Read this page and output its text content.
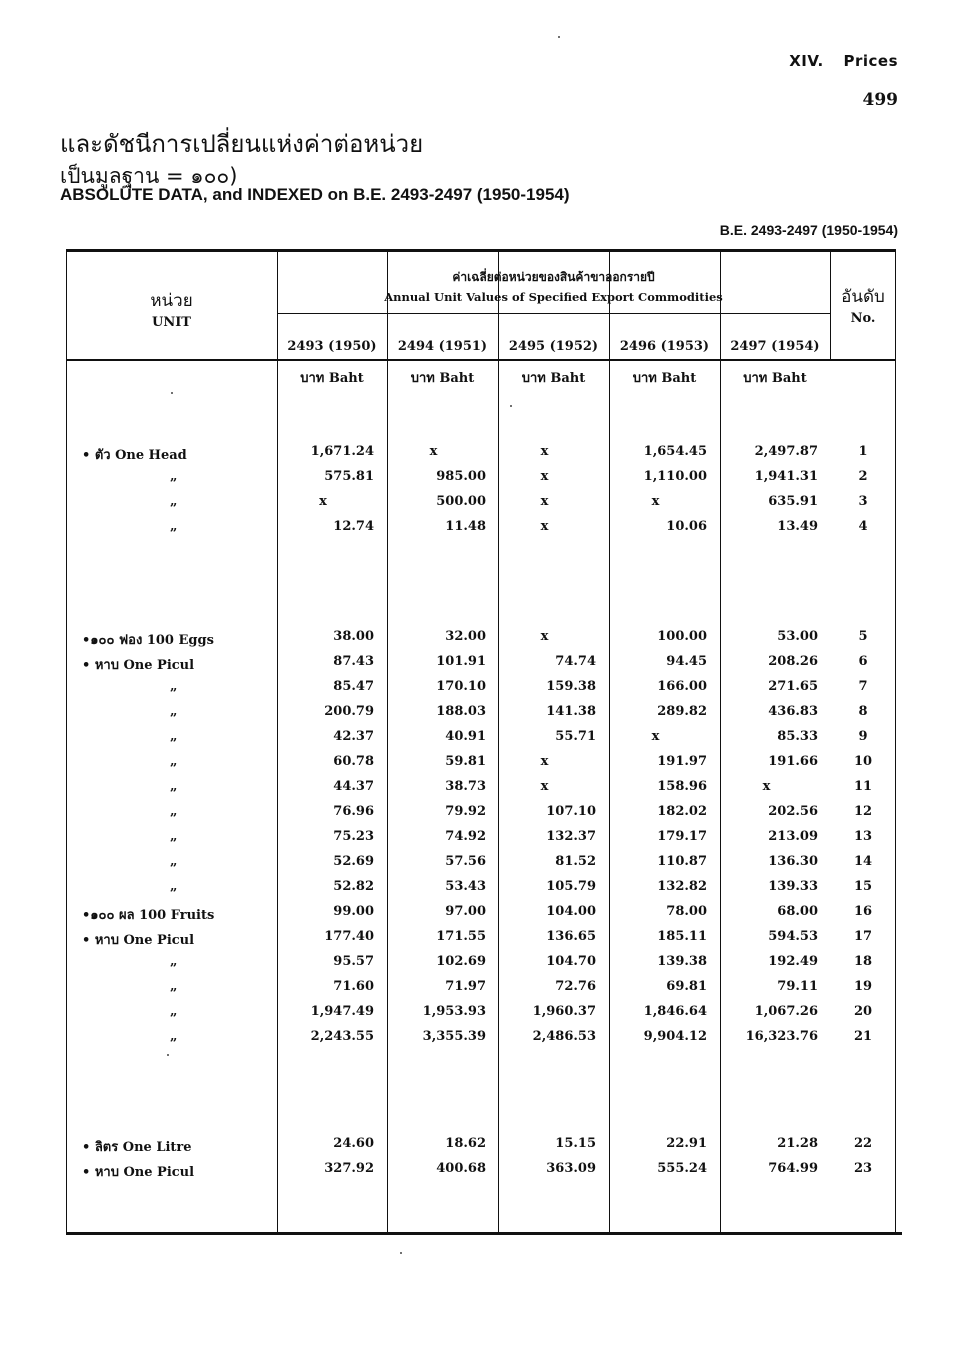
XIV. Prices
499
และดัชนีการเปลี่ยนแห่งค่าต่อหน่วย
เป็นมูลฐาน = ๑๐๐)
ABSOLUTE DATA, and INDEXED on B.E. 2493-2497 (1950-1954)
B.E. 2493-2497 (1950-1954)
หน่วย
UNIT
ค่าเฉลี่ยต่อหน่วยของสินค้าขาออกรายปี
Annual Unit Values of Specified Export Commodities	อันดับ
No.
2493 (1950)	2494 (1951)	2495 (1952)	2496 (1953)	2497 (1954)
บาท Baht	บาท Baht	บาท Baht	บาท Baht	บาท Baht
• ตัว One Head	1,671.24	x	x	1,654.45	2,497.87	1
„	575.81	985.00	x	1,110.00	1,941.31	2
„	x	500.00	x	x	635.91	3
„	12.74	11.48	x	10.06	13.49	4
•๑๐๐ ฟอง 100 Eggs	38.00	32.00	x	100.00	53.00	5
• หาบ One Picul	87.43	101.91	74.74	94.45	208.26	6
„	85.47	170.10	159.38	166.00	271.65	7
„	200.79	188.03	141.38	289.82	436.83	8
„	42.37	40.91	55.71	x	85.33	9
„	60.78	59.81	x	191.97	191.66	10
„	44.37	38.73	x	158.96	x	11
„	76.96	79.92	107.10	182.02	202.56	12
„	75.23	74.92	132.37	179.17	213.09	13
„	52.69	57.56	81.52	110.87	136.30	14
„	52.82	53.43	105.79	132.82	139.33	15
•๑๐๐ ผล 100 Fruits	99.00	97.00	104.00	78.00	68.00	16
• หาบ One Picul	177.40	171.55	136.65	185.11	594.53	17
„	95.57	102.69	104.70	139.38	192.49	18
„	71.60	71.97	72.76	69.81	79.11	19
„	1,947.49	1,953.93	1,960.37	1,846.64	1,067.26	20
„	2,243.55	3,355.39	2,486.53	9,904.12	16,323.76	21
• ลิตร One Litre	24.60	18.62	15.15	22.91	21.28	22
• หาบ One Picul	327.92	400.68	363.09	555.24	764.99	23
